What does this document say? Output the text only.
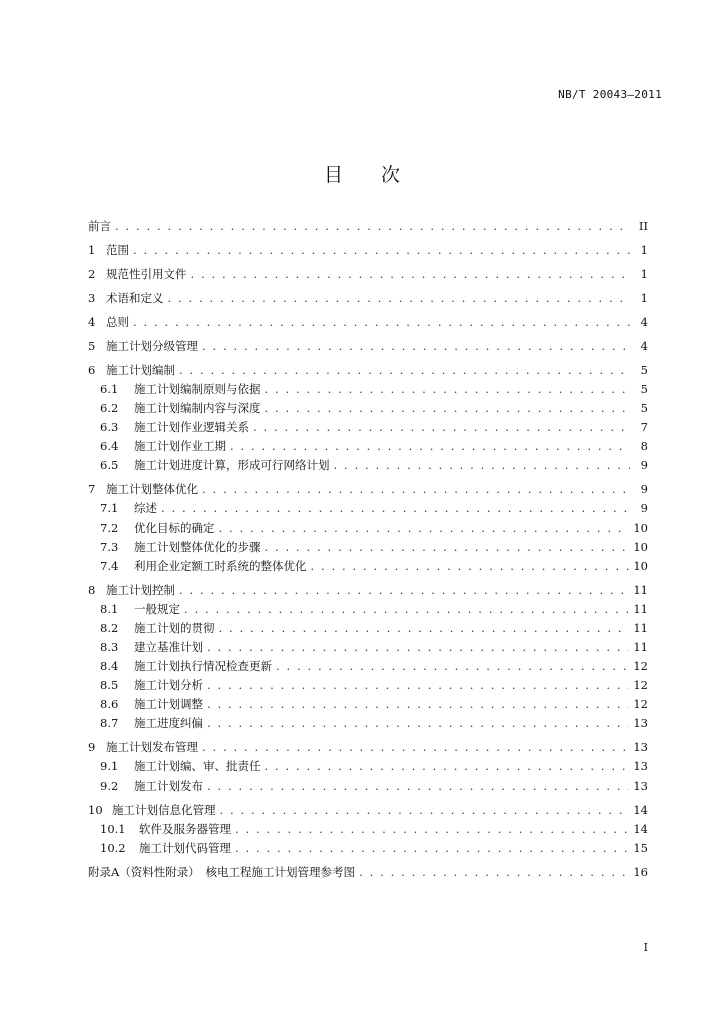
NB/T 20043—2011
目次
前言 . . .	II
1 范围 . . .	1
2 规范性引用文件 . . .	1
3 术语和定义 . . .	1
4 总则 . . .	4
5 施工计划分级管理 . . .	4
6 施工计划编制 . . .	5
6.1	施工计划编制原则与依据 . . .	5
6.2	施工计划编制内容与深度 . . .	5
6.3	施工计划作业逻辑关系 . . .	7
6.4	施工计划作业工期 . . .	8
6.5	施工计划进度计算，形成可行网络计划 . . .	9
7 施工计划整体优化 . . .	9
7.1	综述 . . .	9
7.2	优化目标的确定 . . .	10
7.3	施工计划整体优化的步骤 . . .	10
7.4	利用企业定额工时系统的整体优化 . . .	10
8 施工计划控制 . . .	11
8.1	一般规定 . . .	11
8.2	施工计划的贯彻 . . .	11
8.3	建立基准计划 . . .	11
8.4	施工计划执行情况检查更新 . . .	12
8.5	施工计划分析 . . .	12
8.6	施工计划调整 . . .	12
8.7	施工进度纠偏 . . .	13
9 施工计划发布管理 . . .	13
9.1	施工计划编、审、批责任 . . .	13
9.2	施工计划发布 . . .	13
10 施工计划信息化管理 . . .	14
10.1	软件及服务器管理 . . .	14
10.2	施工计划代码管理 . . .	15
附录A（资料性附录）　核电工程施工计划管理参考图 . . .	16
I
